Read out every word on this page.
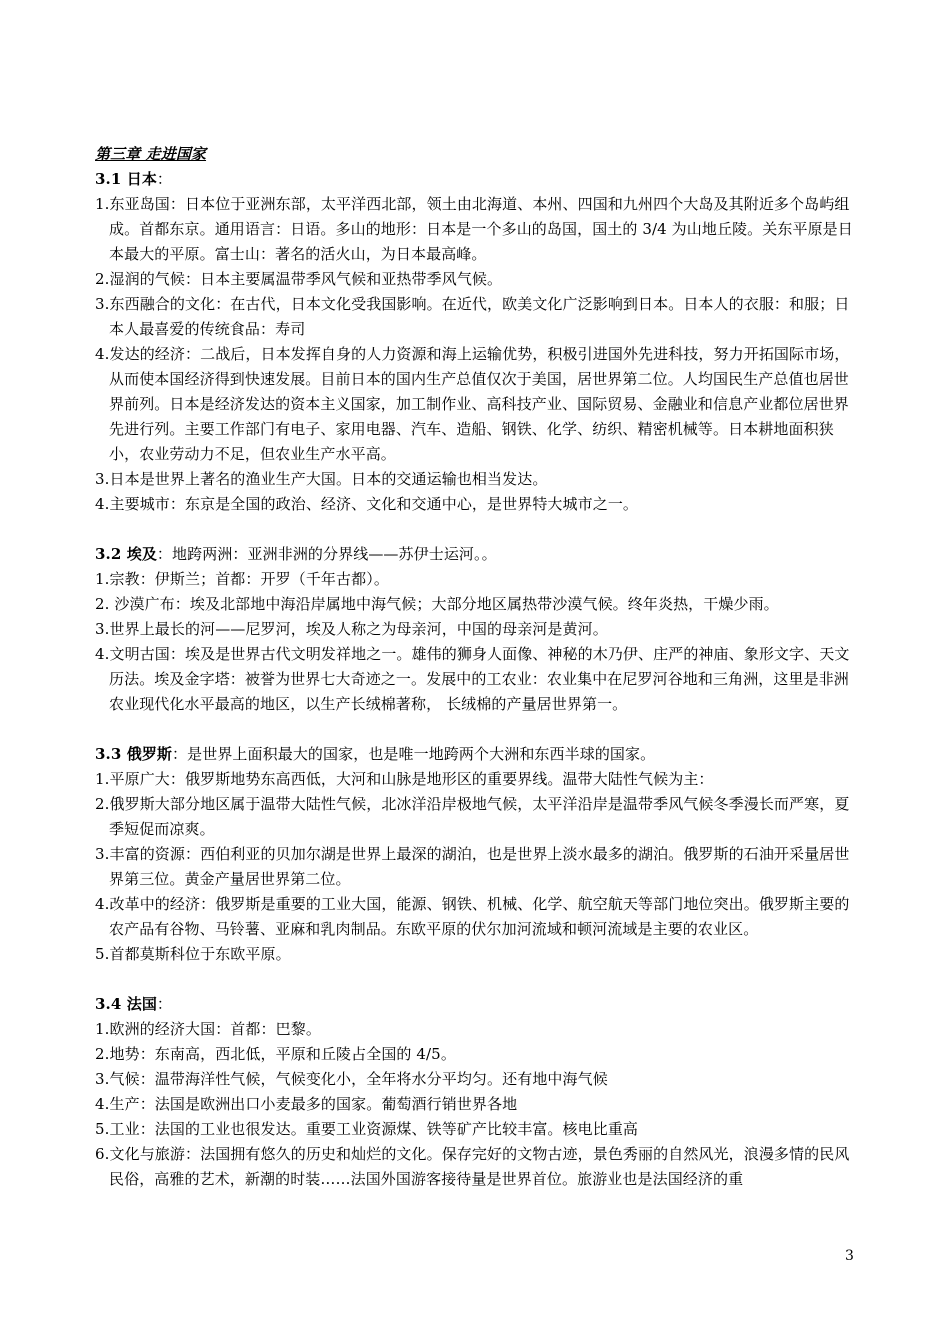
第三章 走进国家

3.1 日本：

1.东亚岛国：日本位于亚洲东部，太平洋西北部，领土由北海道、本州、四国和九州四个大岛及其附近多个岛屿组成。首都东京。通用语言：日语。多山的地形：日本是一个多山的岛国，国土的 3/4 为山地丘陵。关东平原是日本最大的平原。富士山：著名的活火山，为日本最高峰。

2.湿润的气候：日本主要属温带季风气候和亚热带季风气候。

3.东西融合的文化：在古代，日本文化受我国影响。在近代，欧美文化广泛影响到日本。日本人的衣服：和服；日本人最喜爱的传统食品：寿司

4.发达的经济：二战后，日本发挥自身的人力资源和海上运输优势，积极引进国外先进科技，努力开拓国际市场，从而使本国经济得到快速发展。目前日本的国内生产总值仅次于美国，居世界第二位。人均国民生产总值也居世界前列。日本是经济发达的资本主义国家，加工制作业、高科技产业、国际贸易、金融业和信息产业都位居世界先进行列。主要工作部门有电子、家用电器、汽车、造船、钢铁、化学、纺织、精密机械等。日本耕地面积狭小，农业劳动力不足，但农业生产水平高。

3.日本是世界上著名的渔业生产大国。日本的交通运输也相当发达。

4.主要城市：东京是全国的政治、经济、文化和交通中心，是世界特大城市之一。

3.2 埃及：地跨两洲：亚洲非洲的分界线——苏伊士运河。。

1.宗教：伊斯兰；首都：开罗（千年古都）。

2. 沙漠广布：埃及北部地中海沿岸属地中海气候；大部分地区属热带沙漠气候。终年炎热，干燥少雨。

3.世界上最长的河——尼罗河，埃及人称之为母亲河，中国的母亲河是黄河。

4.文明古国：埃及是世界古代文明发祥地之一。雄伟的狮身人面像、神秘的木乃伊、庄严的神庙、象形文字、天文历法。埃及金字塔：被誉为世界七大奇迹之一。发展中的工农业：农业集中在尼罗河谷地和三角洲，这里是非洲农业现代化水平最高的地区，以生产长绒棉著称， 长绒棉的产量居世界第一。

3.3 俄罗斯：是世界上面积最大的国家，也是唯一地跨两个大洲和东西半球的国家。

1.平原广大：俄罗斯地势东高西低，大河和山脉是地形区的重要界线。温带大陆性气候为主：

2.俄罗斯大部分地区属于温带大陆性气候，北冰洋沿岸极地气候，太平洋沿岸是温带季风气候冬季漫长而严寒，夏季短促而凉爽。

3.丰富的资源：西伯利亚的贝加尔湖是世界上最深的湖泊，也是世界上淡水最多的湖泊。俄罗斯的石油开采量居世界第三位。黄金产量居世界第二位。

4.改革中的经济：俄罗斯是重要的工业大国，能源、钢铁、机械、化学、航空航天等部门地位突出。俄罗斯主要的农产品有谷物、马铃薯、亚麻和乳肉制品。东欧平原的伏尔加河流域和顿河流域是主要的农业区。

5.首都莫斯科位于东欧平原。

3.4 法国：

1.欧洲的经济大国：首都：巴黎。

2.地势：东南高，西北低，平原和丘陵占全国的 4/5。

3.气候：温带海洋性气候，气候变化小，全年将水分平均匀。还有地中海气候

4.生产：法国是欧洲出口小麦最多的国家。葡萄酒行销世界各地

5.工业：法国的工业也很发达。重要工业资源煤、铁等矿产比较丰富。核电比重高

6.文化与旅游：法国拥有悠久的历史和灿烂的文化。保存完好的文物古迹，景色秀丽的自然风光，浪漫多情的民风民俗，高雅的艺术，新潮的时装……法国外国游客接待量是世界首位。旅游业也是法国经济的重

3
